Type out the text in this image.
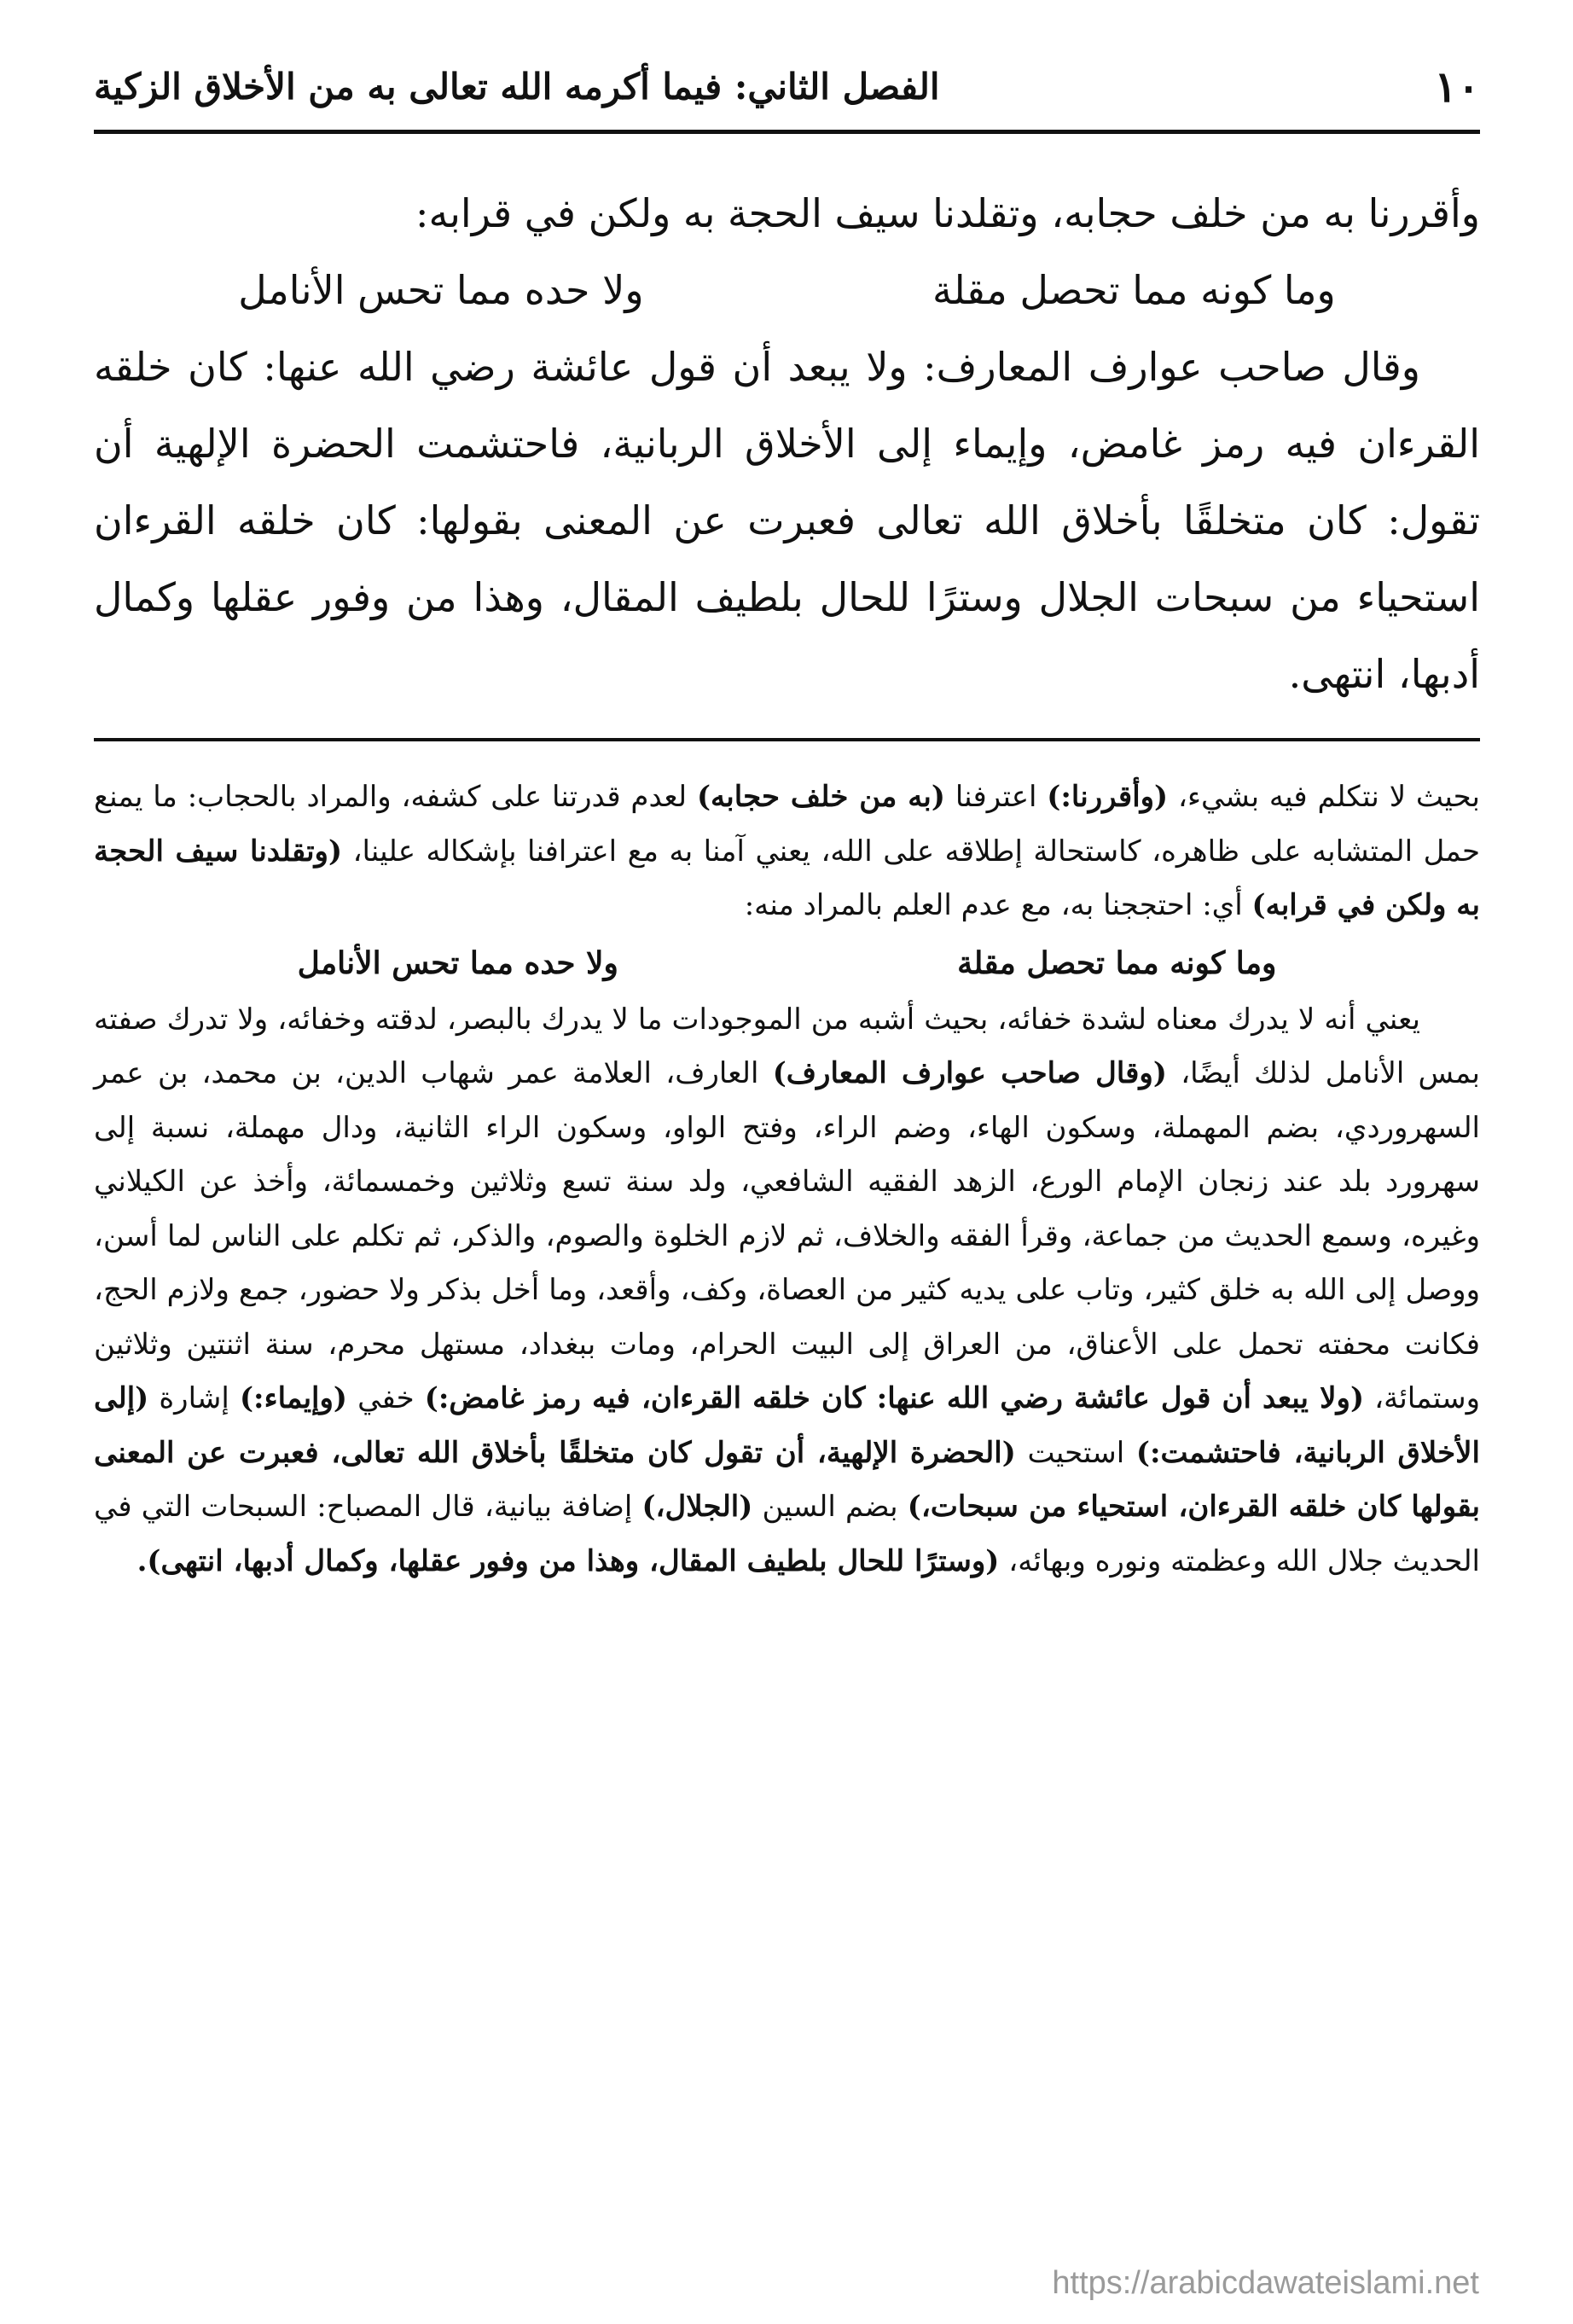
١٠
الفصل الثاني: فيما أكرمه الله تعالى به من الأخلاق الزكية

وأقررنا به من خلف حجابه، وتقلدنا سيف الحجة به ولكن في قرابه:

وما كونه مما تحصل مقلة
ولا حده مما تحس الأنامل

وقال صاحب عوارف المعارف: ولا يبعد أن قول عائشة رضي الله عنها: كان خلقه القرءان فيه رمز غامض، وإيماء إلى الأخلاق الربانية، فاحتشمت الحضرة الإلهية أن تقول: كان متخلقًا بأخلاق الله تعالى فعبرت عن المعنى بقولها: كان خلقه القرءان استحياء من سبحات الجلال وسترًا للحال بلطيف المقال، وهذا من وفور عقلها وكمال أدبها، انتهى.

بحيث لا نتكلم فيه بشيء، (وأقررنا:) اعترفنا (به من خلف حجابه) لعدم قدرتنا على كشفه، والمراد بالحجاب: ما يمنع حمل المتشابه على ظاهره، كاستحالة إطلاقه على الله، يعني آمنا به مع اعترافنا بإشكاله علينا، (وتقلدنا سيف الحجة به ولكن في قرابه) أي: احتججنا به، مع عدم العلم بالمراد منه:

وما كونه مما تحصل مقلة
ولا حده مما تحس الأنامل

يعني أنه لا يدرك معناه لشدة خفائه، بحيث أشبه من الموجودات ما لا يدرك بالبصر، لدقته وخفائه، ولا تدرك صفته بمس الأنامل لذلك أيضًا، (وقال صاحب عوارف المعارف) العارف، العلامة عمر شهاب الدين، بن محمد، بن عمر السهروردي، بضم المهملة، وسكون الهاء، وضم الراء، وفتح الواو، وسكون الراء الثانية، ودال مهملة، نسبة إلى سهرورد بلد عند زنجان الإمام الورع، الزهد الفقيه الشافعي، ولد سنة تسع وثلاثين وخمسمائة، وأخذ عن الكيلاني وغيره، وسمع الحديث من جماعة، وقرأ الفقه والخلاف، ثم لازم الخلوة والصوم، والذكر، ثم تكلم على الناس لما أسن، ووصل إلى الله به خلق كثير، وتاب على يديه كثير من العصاة، وكف، وأقعد، وما أخل بذكر ولا حضور، جمع ولازم الحج، فكانت محفته تحمل على الأعناق، من العراق إلى البيت الحرام، ومات ببغداد، مستهل محرم، سنة اثنتين وثلاثين وستمائة، (ولا يبعد أن قول عائشة رضي الله عنها: كان خلقه القرءان، فيه رمز غامض:) خفي (وإيماء:) إشارة (إلى الأخلاق الربانية، فاحتشمت:) استحيت (الحضرة الإلهية، أن تقول كان متخلقًا بأخلاق الله تعالى، فعبرت عن المعنى بقولها كان خلقه القرءان، استحياء من سبحات،) بضم السين (الجلال،) إضافة بيانية، قال المصباح: السبحات التي في الحديث جلال الله وعظمته ونوره وبهائه، (وسترًا للحال بلطيف المقال، وهذا من وفور عقلها، وكمال أدبها، انتهى).

https://arabicdawateislami.net
